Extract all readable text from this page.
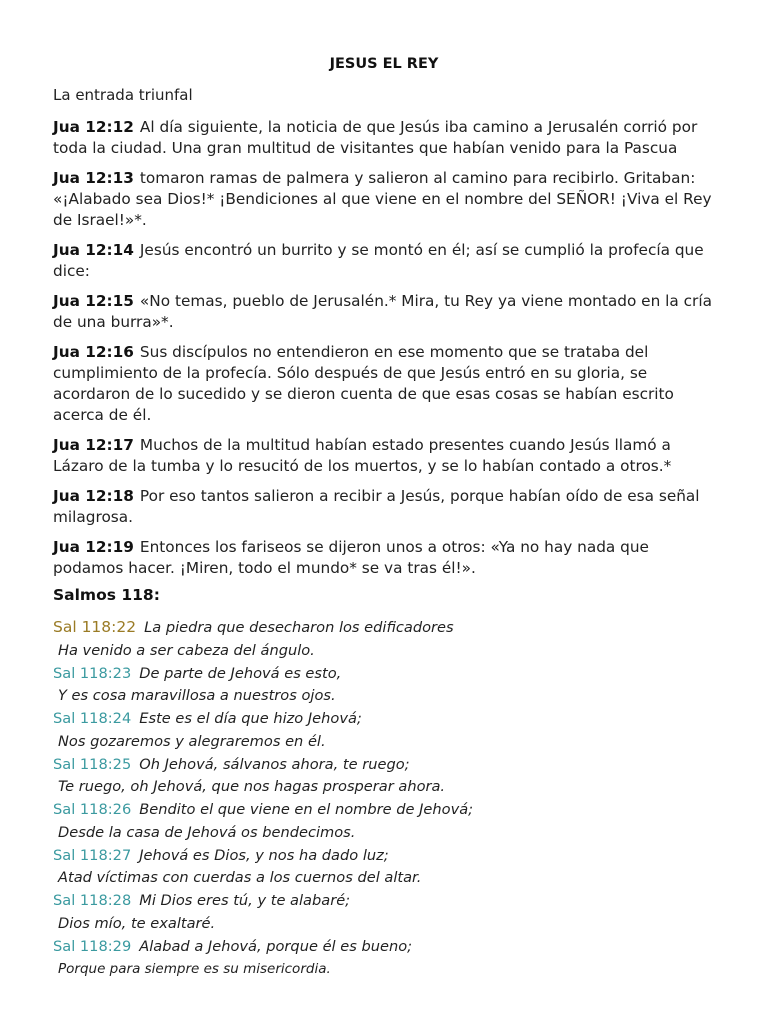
JESUS EL REY
La entrada triunfal

Jua 12:12 Al día siguiente, la noticia de que Jesús iba camino a Jerusalén corrió por toda la ciudad. Una gran multitud de visitantes que habían venido para la Pascua

Jua 12:13 tomaron ramas de palmera y salieron al camino para recibirlo. Gritaban: «¡Alabado sea Dios!* ¡Bendiciones al que viene en el nombre del SEÑOR! ¡Viva el Rey de Israel!»*.

Jua 12:14 Jesús encontró un burrito y se montó en él; así se cumplió la profecía que dice:

Jua 12:15 «No temas, pueblo de Jerusalén.* Mira, tu Rey ya viene montado en la cría de una burra»*.

Jua 12:16 Sus discípulos no entendieron en ese momento que se trataba del cumplimiento de la profecía. Sólo después de que Jesús entró en su gloria, se acordaron de lo sucedido y se dieron cuenta de que esas cosas se habían escrito acerca de él.

Jua 12:17 Muchos de la multitud habían estado presentes cuando Jesús llamó a Lázaro de la tumba y lo resucitó de los muertos, y se lo habían contado a otros.*

Jua 12:18 Por eso tantos salieron a recibir a Jesús, porque habían oído de esa señal milagrosa.

Jua 12:19 Entonces los fariseos se dijeron unos a otros: «Ya no hay nada que podamos hacer. ¡Miren, todo el mundo* se va tras él!».

Salmos 118:
Sal 118:22 La piedra que desecharon los edificadores
Ha venido a ser cabeza del ángulo.
Sal 118:23 De parte de Jehová es esto,
Y es cosa maravillosa a nuestros ojos.
Sal 118:24 Este es el día que hizo Jehová;
Nos gozaremos y alegraremos en él.
Sal 118:25 Oh Jehová, sálvanos ahora, te ruego;
Te ruego, oh Jehová, que nos hagas prosperar ahora.
Sal 118:26 Bendito el que viene en el nombre de Jehová;
Desde la casa de Jehová os bendecimos.
Sal 118:27 Jehová es Dios, y nos ha dado luz;
Atad víctimas con cuerdas a los cuernos del altar.
Sal 118:28 Mi Dios eres tú, y te alabaré;
Dios mío, te exaltaré.
Sal 118:29 Alabad a Jehová, porque él es bueno;
Porque para siempre es su misericordia.
